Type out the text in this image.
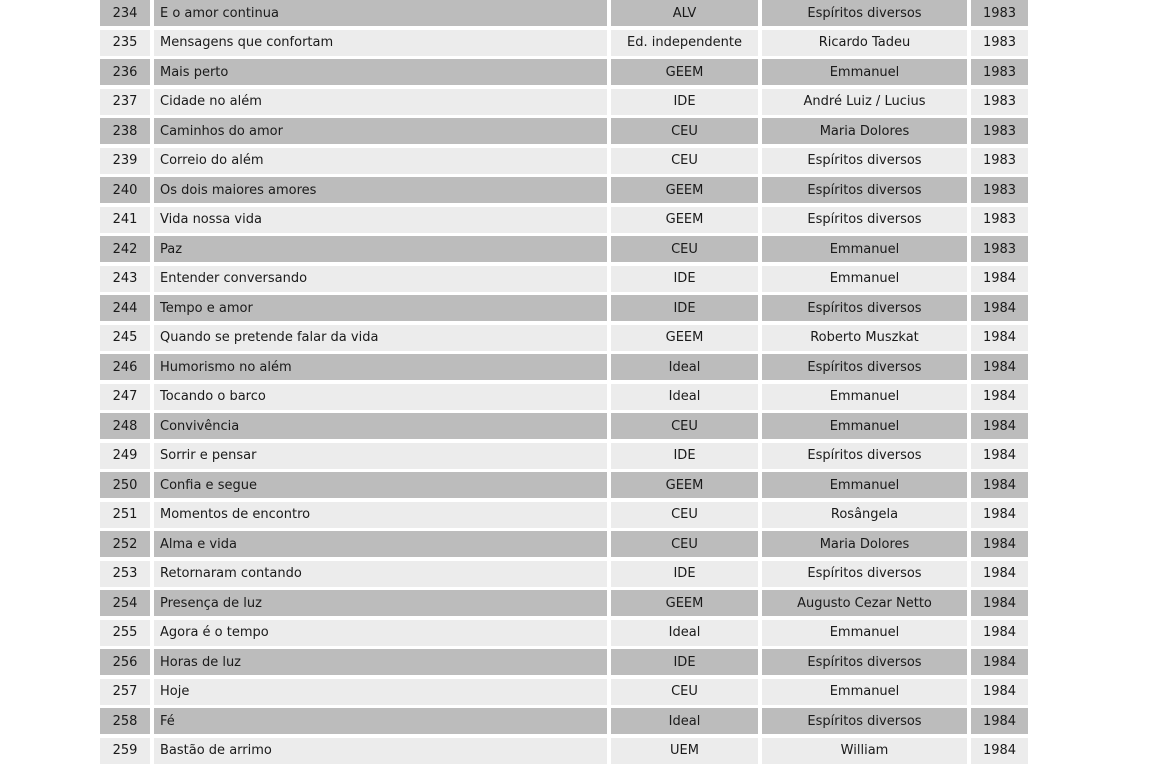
234	E o amor continua	ALV	Espíritos diversos	1983
235	Mensagens que confortam	Ed. independente	Ricardo Tadeu	1983
236	Mais perto	GEEM	Emmanuel	1983
237	Cidade no além	IDE	André Luiz / Lucius	1983
238	Caminhos do amor	CEU	Maria Dolores	1983
239	Correio do além	CEU	Espíritos diversos	1983
240	Os dois maiores amores	GEEM	Espíritos diversos	1983
241	Vida nossa vida	GEEM	Espíritos diversos	1983
242	Paz	CEU	Emmanuel	1983
243	Entender conversando	IDE	Emmanuel	1984
244	Tempo e amor	IDE	Espíritos diversos	1984
245	Quando se pretende falar da vida	GEEM	Roberto Muszkat	1984
246	Humorismo no além	Ideal	Espíritos diversos	1984
247	Tocando o barco	Ideal	Emmanuel	1984
248	Convivência	CEU	Emmanuel	1984
249	Sorrir e pensar	IDE	Espíritos diversos	1984
250	Confia e segue	GEEM	Emmanuel	1984
251	Momentos de encontro	CEU	Rosângela	1984
252	Alma e vida	CEU	Maria Dolores	1984
253	Retornaram contando	IDE	Espíritos diversos	1984
254	Presença de luz	GEEM	Augusto Cezar Netto	1984
255	Agora é o tempo	Ideal	Emmanuel	1984
256	Horas de luz	IDE	Espíritos diversos	1984
257	Hoje	CEU	Emmanuel	1984
258	Fé	Ideal	Espíritos diversos	1984
259	Bastão de arrimo	UEM	William	1984
